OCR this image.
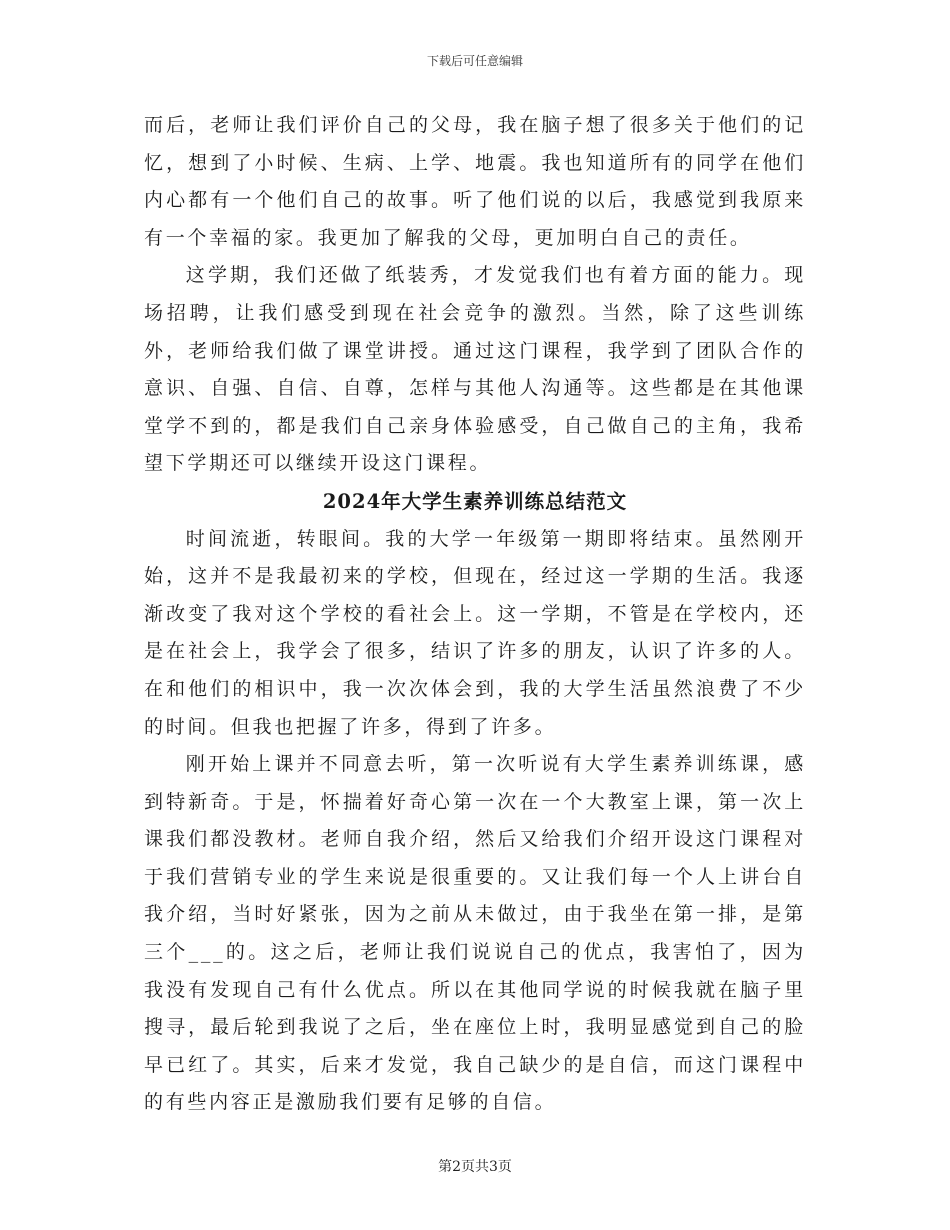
下载后可任意编辑

而后，老师让我们评价自己的父母，我在脑子想了很多关于他们的记忆，想到了小时候、生病、上学、地震。我也知道所有的同学在他们内心都有一个他们自己的故事。听了他们说的以后，我感觉到我原来有一个幸福的家。我更加了解我的父母，更加明白自己的责任。

这学期，我们还做了纸装秀，才发觉我们也有着方面的能力。现场招聘，让我们感受到现在社会竞争的激烈。当然，除了这些训练外，老师给我们做了课堂讲授。通过这门课程，我学到了团队合作的意识、自强、自信、自尊，怎样与其他人沟通等。这些都是在其他课堂学不到的，都是我们自己亲身体验感受，自己做自己的主角，我希望下学期还可以继续开设这门课程。

2024年大学生素养训练总结范文

时间流逝，转眼间。我的大学一年级第一期即将结束。虽然刚开始，这并不是我最初来的学校，但现在，经过这一学期的生活。我逐渐改变了我对这个学校的看社会上。这一学期，不管是在学校内，还是在社会上，我学会了很多，结识了许多的朋友，认识了许多的人。在和他们的相识中，我一次次体会到，我的大学生活虽然浪费了不少的时间。但我也把握了许多，得到了许多。

刚开始上课并不同意去听，第一次听说有大学生素养训练课，感到特新奇。于是，怀揣着好奇心第一次在一个大教室上课，第一次上课我们都没教材。老师自我介绍，然后又给我们介绍开设这门课程对于我们营销专业的学生来说是很重要的。又让我们每一个人上讲台自我介绍，当时好紧张，因为之前从未做过，由于我坐在第一排，是第三个___的。这之后，老师让我们说说自己的优点，我害怕了，因为我没有发现自己有什么优点。所以在其他同学说的时候我就在脑子里搜寻，最后轮到我说了之后，坐在座位上时，我明显感觉到自己的脸早已红了。其实，后来才发觉，我自己缺少的是自信，而这门课程中的有些内容正是激励我们要有足够的自信。

第2页共3页
